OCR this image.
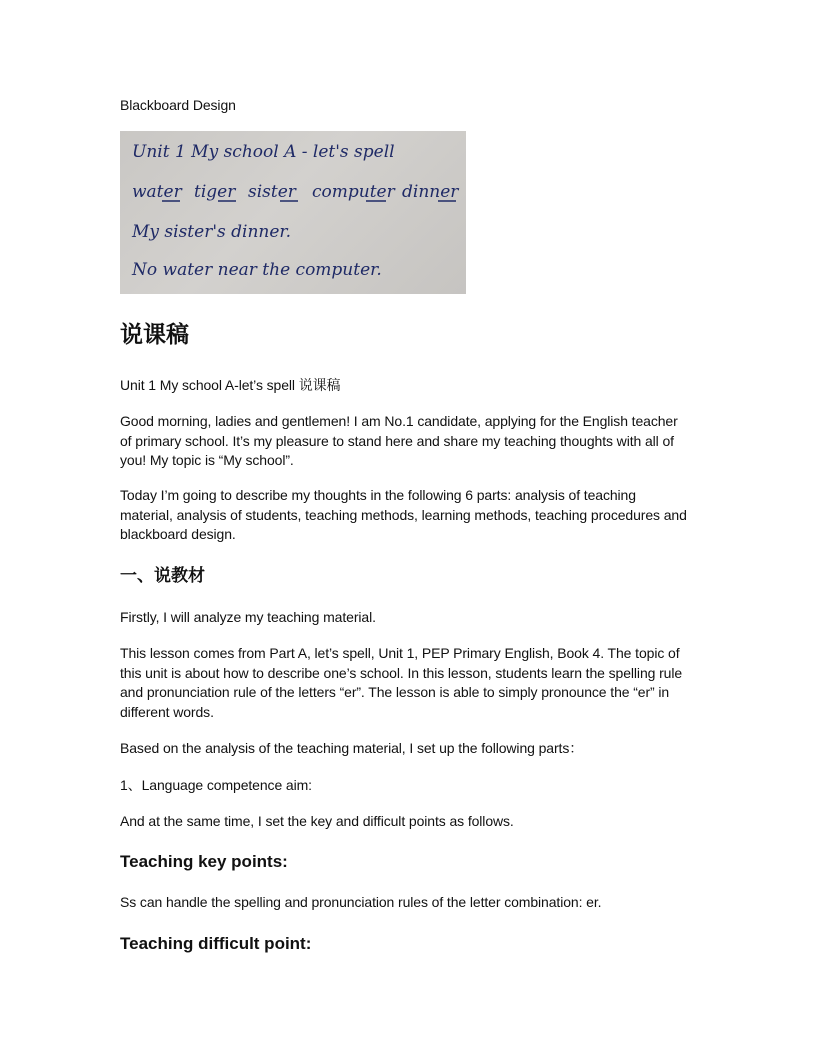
Blackboard Design

Unit 1 My school A - let's spell
water tiger sister computer dinner
My sister's dinner.
No water near the computer.
说课稿

Unit 1 My school A-let’s spell 说课稿

Good morning, ladies and gentlemen! I am No.1 candidate, applying for the English teacher of primary school. It’s my pleasure to stand here and share my teaching thoughts with all of you! My topic is “My school”.

Today I’m going to describe my thoughts in the following 6 parts: analysis of teaching material, analysis of students, teaching methods, learning methods, teaching procedures and blackboard design.

一、说教材

Firstly, I will analyze my teaching material.

This lesson comes from Part A, let’s spell, Unit 1, PEP Primary English, Book 4. The topic of this unit is about how to describe one’s school. In this lesson, students learn the spelling rule and pronunciation rule of the letters “er”. The lesson is able to simply pronounce the “er” in different words.

Based on the analysis of the teaching material, I set up the following parts：

1、Language competence aim:

And at the same time, I set the key and difficult points as follows.

Teaching key points:

Ss can handle the spelling and pronunciation rules of the letter combination: er.

Teaching difficult point:
